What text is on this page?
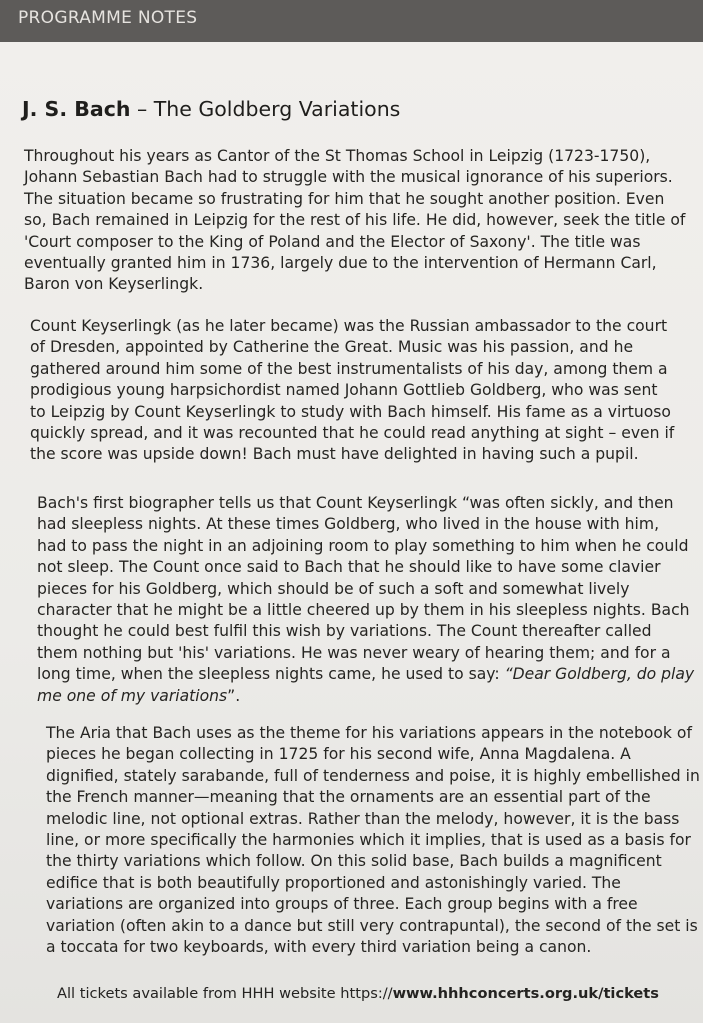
PROGRAMME NOTES
J. S. Bach – The Goldberg Variations
Throughout his years as Cantor of the St Thomas School in Leipzig (1723-1750),
Johann Sebastian Bach had to struggle with the musical ignorance of his superiors.
The situation became so frustrating for him that he sought another position. Even
so, Bach remained in Leipzig for the rest of his life. He did, however, seek the title of
'Court composer to the King of Poland and the Elector of Saxony'. The title was
eventually granted him in 1736, largely due to the intervention of Hermann Carl,
Baron von Keyserlingk.
Count Keyserlingk (as he later became) was the Russian ambassador to the court
of Dresden, appointed by Catherine the Great. Music was his passion, and he
gathered around him some of the best instrumentalists of his day, among them a
prodigious young harpsichordist named Johann Gottlieb Goldberg, who was sent
to Leipzig by Count Keyserlingk to study with Bach himself. His fame as a virtuoso
quickly spread, and it was recounted that he could read anything at sight – even if
the score was upside down! Bach must have delighted in having such a pupil.
Bach's first biographer tells us that Count Keyserlingk “was often sickly, and then
had sleepless nights. At these times Goldberg, who lived in the house with him,
had to pass the night in an adjoining room to play something to him when he could
not sleep. The Count once said to Bach that he should like to have some clavier
pieces for his Goldberg, which should be of such a soft and somewhat lively
character that he might be a little cheered up by them in his sleepless nights. Bach
thought he could best fulfil this wish by variations. The Count thereafter called
them nothing but 'his' variations. He was never weary of hearing them; and for a
long time, when the sleepless nights came, he used to say: “Dear Goldberg, do play
me one of my variations”.
The Aria that Bach uses as the theme for his variations appears in the notebook of
pieces he began collecting in 1725 for his second wife, Anna Magdalena. A
dignified, stately sarabande, full of tenderness and poise, it is highly embellished in
the French manner—meaning that the ornaments are an essential part of the
melodic line, not optional extras. Rather than the melody, however, it is the bass
line, or more specifically the harmonies which it implies, that is used as a basis for
the thirty variations which follow. On this solid base, Bach builds a magnificent
edifice that is both beautifully proportioned and astonishingly varied. The
variations are organized into groups of three. Each group begins with a free
variation (often akin to a dance but still very contrapuntal), the second of the set is
a toccata for two keyboards, with every third variation being a canon.
All tickets available from HHH website https://www.hhhconcerts.org.uk/tickets
